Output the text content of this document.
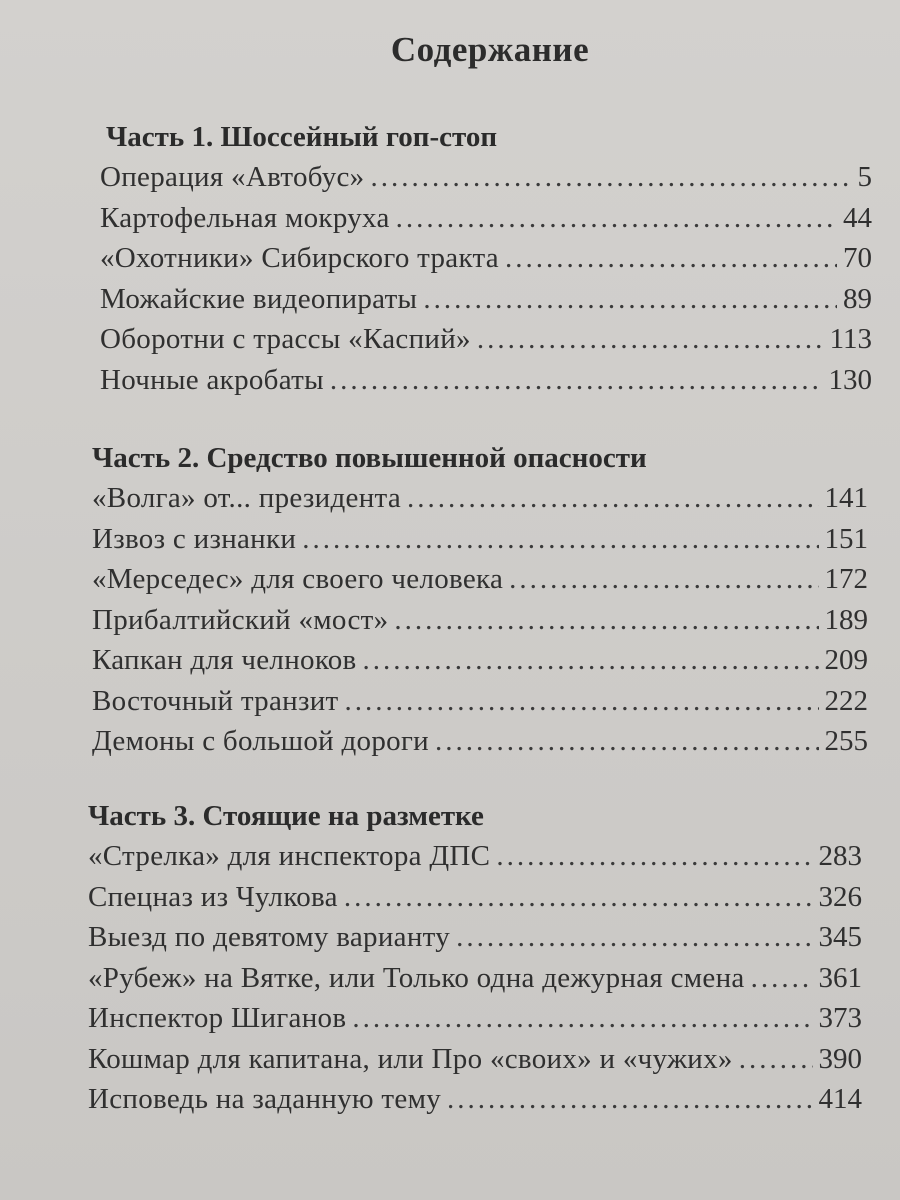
Содержание
Часть 1. Шоссейный гоп-стоп
Операция «Автобус» .....	5
Картофельная мокруха .....	44
«Охотники» Сибирского тракта .....	70
Можайские видеопираты .....	89
Оборотни с трассы «Каспий» .....	113
Ночные акробаты .....	130
Часть 2. Средство повышенной опасности
«Волга» от... президента .....	141
Извоз с изнанки .....	151
«Мерседес» для своего человека .....	172
Прибалтийский «мост» .....	189
Капкан для челноков .....	209
Восточный транзит .....	222
Демоны с большой дороги .....	255
Часть 3. Стоящие на разметке
«Стрелка» для инспектора ДПС .....	283
Спецназ из Чулкова .....	326
Выезд по девятому варианту .....	345
«Рубеж» на Вятке, или Только одна дежурная смена .....	361
Инспектор Шиганов .....	373
Кошмар для капитана, или Про «своих» и «чужих» .....	390
Исповедь на заданную тему .....	414
